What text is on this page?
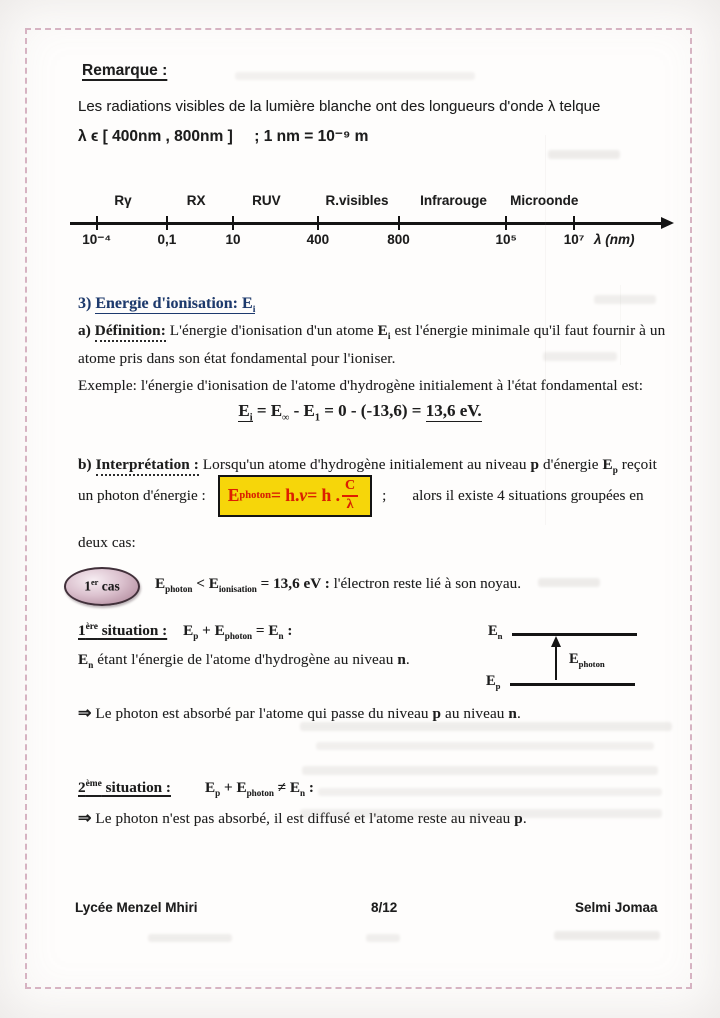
Remarque :
Les radiations visibles de la lumière blanche ont des longueurs d'onde λ telque
λ ϵ [ 400nm , 800nm ]     ; 1 nm = 10⁻⁹ m
Rγ	RX	RUV	R.visibles Infrarouge Microonde
10⁻⁴	0,1	10	400	800	10⁵	10⁷ λ (nm)
3) Energie d'ionisation: $E_i$
a) Définition: L'énergie d'ionisation d'un atome $E_i$ est l'énergie minimale qu'il faut fournir à un
atome pris dans son état fondamental pour l'ioniser.
Exemple: l'énergie d'ionisation de l'atome d'hydrogène initialement à l'état fondamental est:
$E_i = E_\infty - E_1 = 0 - (-13,6) = 13,6$ eV.
b) Interprétation : Lorsqu'un atome d'hydrogène initialement au niveau p d'énergie $E_p$ reçoit
un photon d'énergie : E photon = h. ν = h . $\frac{C}{\lambda}$ ; alors il existe 4 situations groupées en
deux cas:
1er cas $E_{photon} < E_{ionisation} = 13,6$ eV : l'électron reste lié à son noyau.
1ère situation : $E_p + E_{photon} = E_n$ :
$E_n$ étant l'énergie de l'atome d'hydrogène au niveau n.
$E_n$
$E_{photon}$
$E_p$
⇒ Le photon est absorbé par l'atome qui passe du niveau p au niveau n.
2ème situation : $E_p + E_{photon} \ne E_n$ :
⇒ Le photon n'est pas absorbé, il est diffusé et l'atome reste au niveau p.
Lycée Menzel Mhiri	8/12	Selmi Jomaa
